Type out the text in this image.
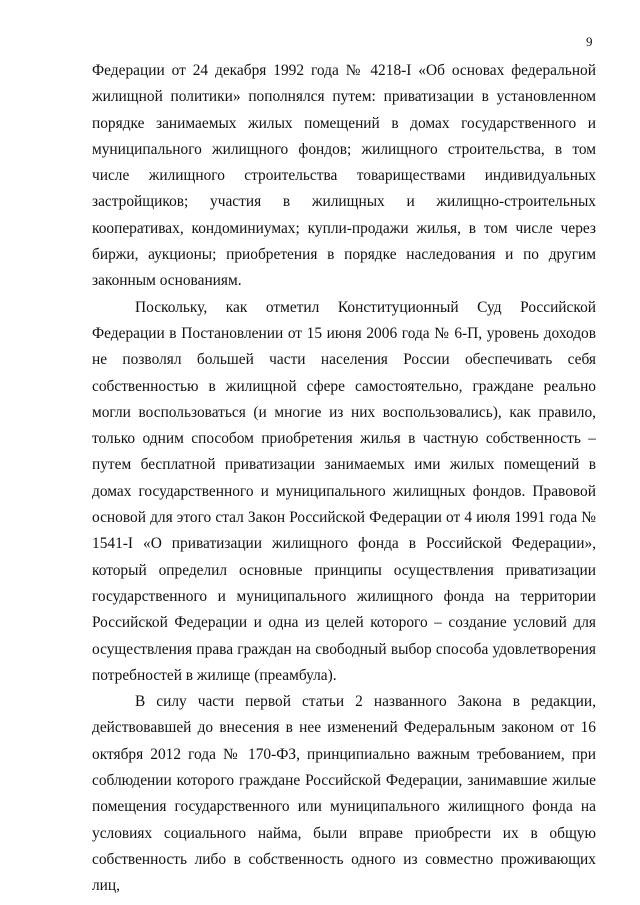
9

Федерации от 24 декабря 1992 года № 4218-I «Об основах федеральной жилищной политики» пополнялся путем: приватизации в установленном порядке занимаемых жилых помещений в домах государственного и муниципального жилищного фондов; жилищного строительства, в том числе жилищного строительства товариществами индивидуальных застройщиков; участия в жилищных и жилищно-строительных кооперативах, кондоминиумах; купли-продажи жилья, в том числе через биржи, аукционы; приобретения в порядке наследования и по другим законным основаниям.

Поскольку, как отметил Конституционный Суд Российской Федерации в Постановлении от 15 июня 2006 года № 6-П, уровень доходов не позволял большей части населения России обеспечивать себя собственностью в жилищной сфере самостоятельно, граждане реально могли воспользоваться (и многие из них воспользовались), как правило, только одним способом приобретения жилья в частную собственность – путем бесплатной приватизации занимаемых ими жилых помещений в домах государственного и муниципального жилищных фондов. Правовой основой для этого стал Закон Российской Федерации от 4 июля 1991 года № 1541-I «О приватизации жилищного фонда в Российской Федерации», который определил основные принципы осуществления приватизации государственного и муниципального жилищного фонда на территории Российской Федерации и одна из целей которого – создание условий для осуществления права граждан на свободный выбор способа удовлетворения потребностей в жилище (преамбула).

В силу части первой статьи 2 названного Закона в редакции, действовавшей до внесения в нее изменений Федеральным законом от 16 октября 2012 года № 170-ФЗ, принципиально важным требованием, при соблюдении которого граждане Российской Федерации, занимавшие жилые помещения государственного или муниципального жилищного фонда на условиях социального найма, были вправе приобрести их в общую собственность либо в собственность одного из совместно проживающих лиц,
